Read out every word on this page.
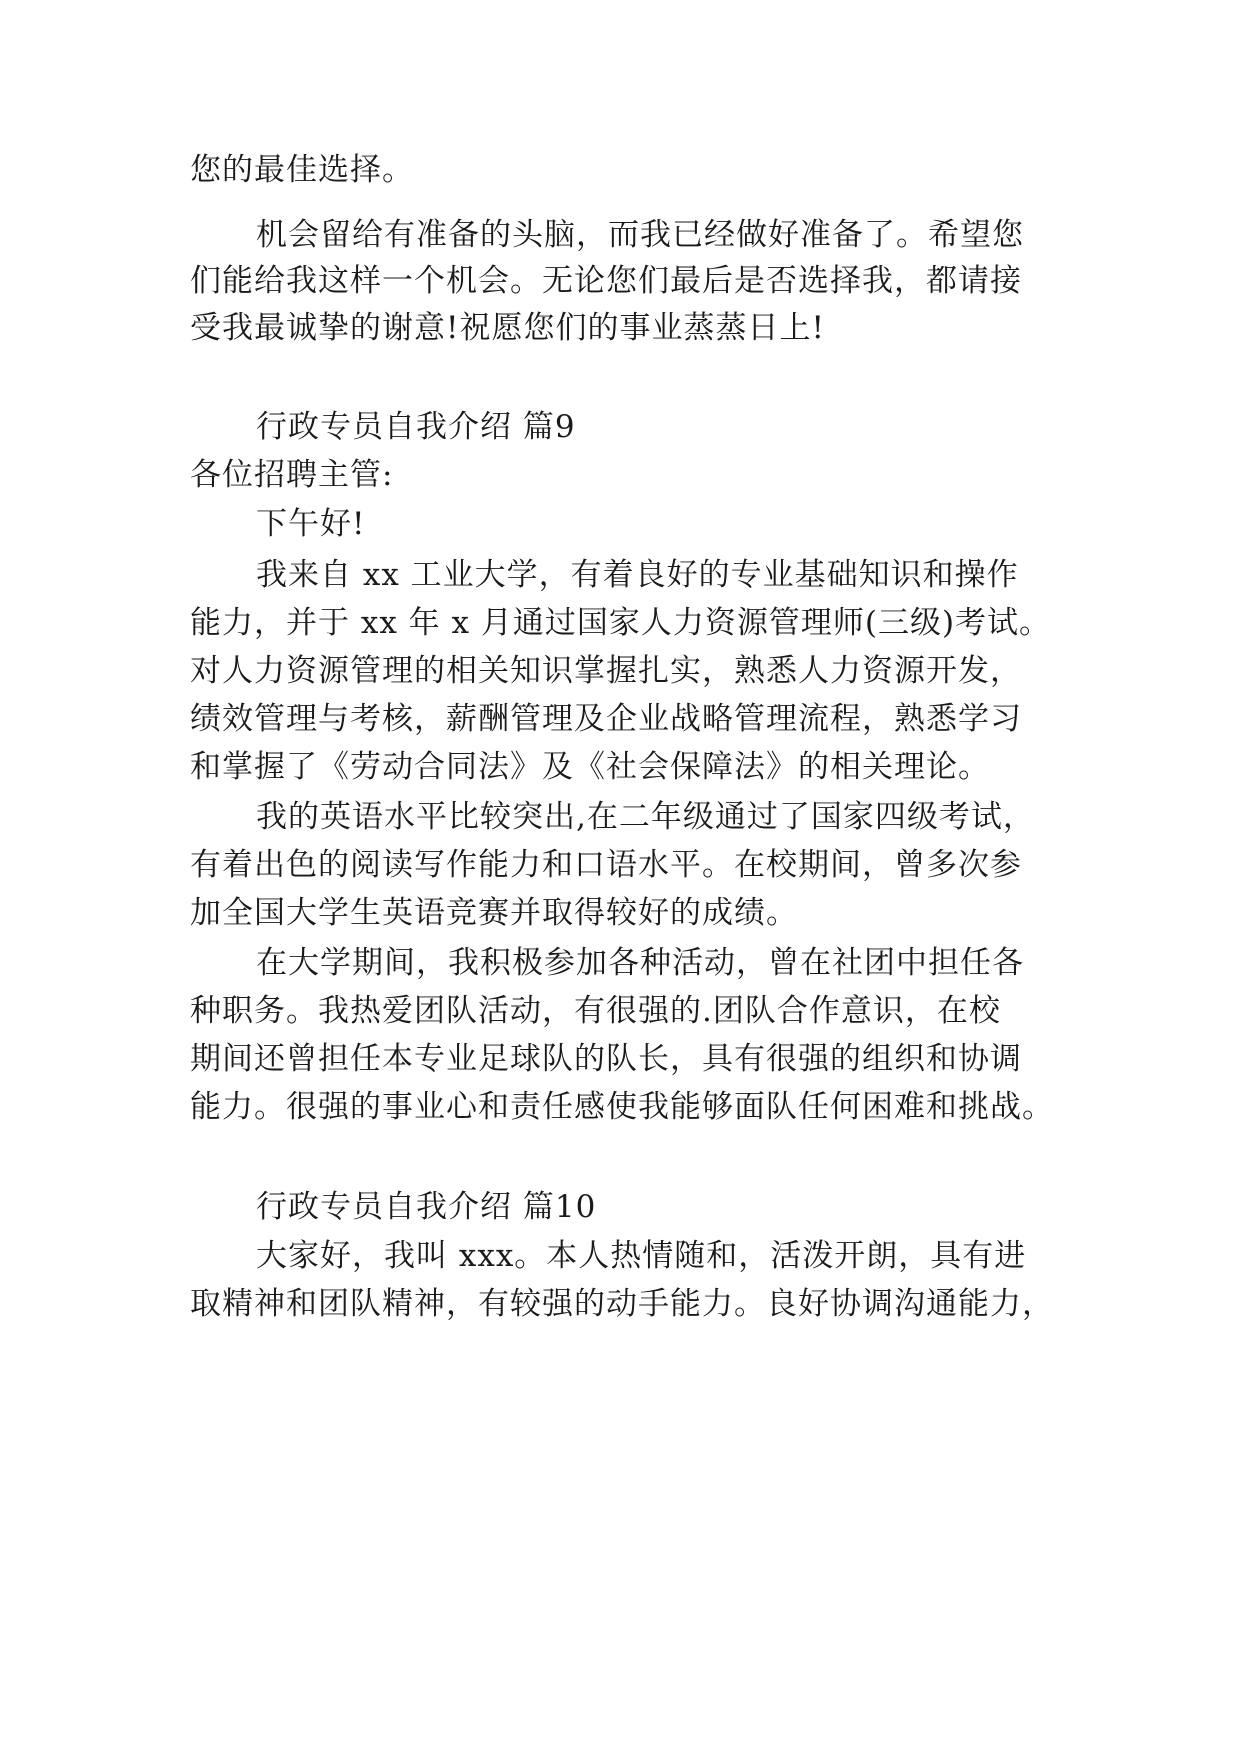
您的最佳选择。
机会留给有准备的头脑，而我已经做好准备了。希望您
们能给我这样一个机会。无论您们最后是否选择我，都请接
受我最诚挚的谢意!祝愿您们的事业蒸蒸日上!
行政专员自我介绍 篇9
各位招聘主管:
下午好!
我来自 xx 工业大学，有着良好的专业基础知识和操作
能力，并于 xx 年 x 月通过国家人力资源管理师(三级)考试。
对人力资源管理的相关知识掌握扎实，熟悉人力资源开发，
绩效管理与考核，薪酬管理及企业战略管理流程，熟悉学习
和掌握了《劳动合同法》及《社会保障法》的相关理论。
我的英语水平比较突出,在二年级通过了国家四级考试，
有着出色的阅读写作能力和口语水平。在校期间，曾多次参
加全国大学生英语竞赛并取得较好的成绩。
在大学期间，我积极参加各种活动，曾在社团中担任各
种职务。我热爱团队活动，有很强的.团队合作意识，在校
期间还曾担任本专业足球队的队长，具有很强的组织和协调
能力。很强的事业心和责任感使我能够面队任何困难和挑战。
行政专员自我介绍 篇10
大家好，我叫 xxx。本人热情随和，活泼开朗，具有进
取精神和团队精神，有较强的动手能力。良好协调沟通能力，
